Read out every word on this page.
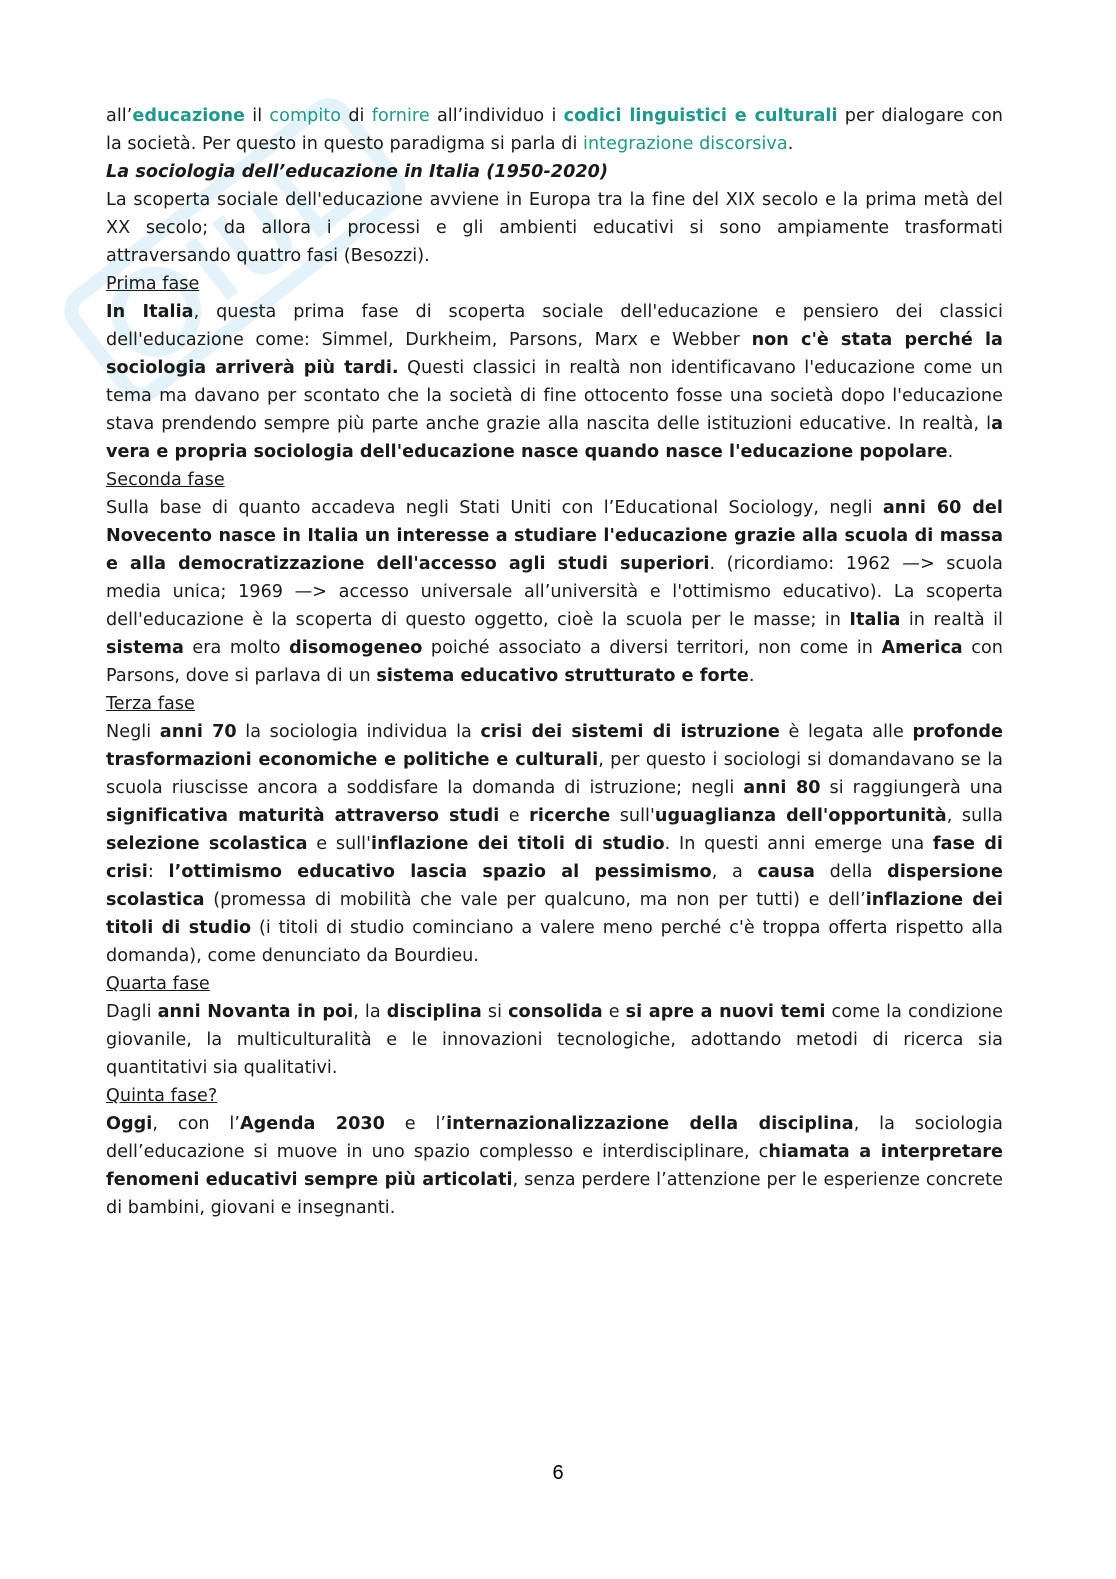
all’educazione il compito di fornire all’individuo i codici linguistici e culturali per dialogare con la società. Per questo in questo paradigma si parla di integrazione discorsiva.

La sociologia dell’educazione in Italia (1950-2020)

La scoperta sociale dell'educazione avviene in Europa tra la fine del XIX secolo e la prima metà del XX secolo; da allora i processi e gli ambienti educativi si sono ampiamente trasformati attraversando quattro fasi (Besozzi).

Prima fase

In Italia, questa prima fase di scoperta sociale dell'educazione e pensiero dei classici dell'educazione come: Simmel, Durkheim, Parsons, Marx e Webber non c'è stata perché la sociologia arriverà più tardi. Questi classici in realtà non identificavano l'educazione come un tema ma davano per scontato che la società di fine ottocento fosse una società dopo l'educazione stava prendendo sempre più parte anche grazie alla nascita delle istituzioni educative. In realtà, la vera e propria sociologia dell'educazione nasce quando nasce l'educazione popolare.

Seconda fase

Sulla base di quanto accadeva negli Stati Uniti con l’Educational Sociology, negli anni 60 del Novecento nasce in Italia un interesse a studiare l'educazione grazie alla scuola di massa e alla democratizzazione dell'accesso agli studi superiori. (ricordiamo: 1962 —> scuola media unica; 1969 —> accesso universale all’università e l'ottimismo educativo). La scoperta dell'educazione è la scoperta di questo oggetto, cioè la scuola per le masse; in Italia in realtà il sistema era molto disomogeneo poiché associato a diversi territori, non come in America con Parsons, dove si parlava di un sistema educativo strutturato e forte.

Terza fase

Negli anni 70 la sociologia individua la crisi dei sistemi di istruzione è legata alle profonde trasformazioni economiche e politiche e culturali, per questo i sociologi si domandavano se la scuola riuscisse ancora a soddisfare la domanda di istruzione; negli anni 80 si raggiungerà una significativa maturità attraverso studi e ricerche sull'uguaglianza dell'opportunità, sulla selezione scolastica e sull'inflazione dei titoli di studio. In questi anni emerge una fase di crisi: l’ottimismo educativo lascia spazio al pessimismo, a causa della dispersione scolastica (promessa di mobilità che vale per qualcuno, ma non per tutti) e dell’inflazione dei titoli di studio (i titoli di studio cominciano a valere meno perché c'è troppa offerta rispetto alla domanda), come denunciato da Bourdieu.

Quarta fase

Dagli anni Novanta in poi, la disciplina si consolida e si apre a nuovi temi come la condizione giovanile, la multiculturalità e le innovazioni tecnologiche, adottando metodi di ricerca sia quantitativi sia qualitativi.

Quinta fase?

Oggi, con l’Agenda 2030 e l’internazionalizzazione della disciplina, la sociologia dell’educazione si muove in uno spazio complesso e interdisciplinare, chiamata a interpretare fenomeni educativi sempre più articolati, senza perdere l’attenzione per le esperienze concrete di bambini, giovani e insegnanti.

6
